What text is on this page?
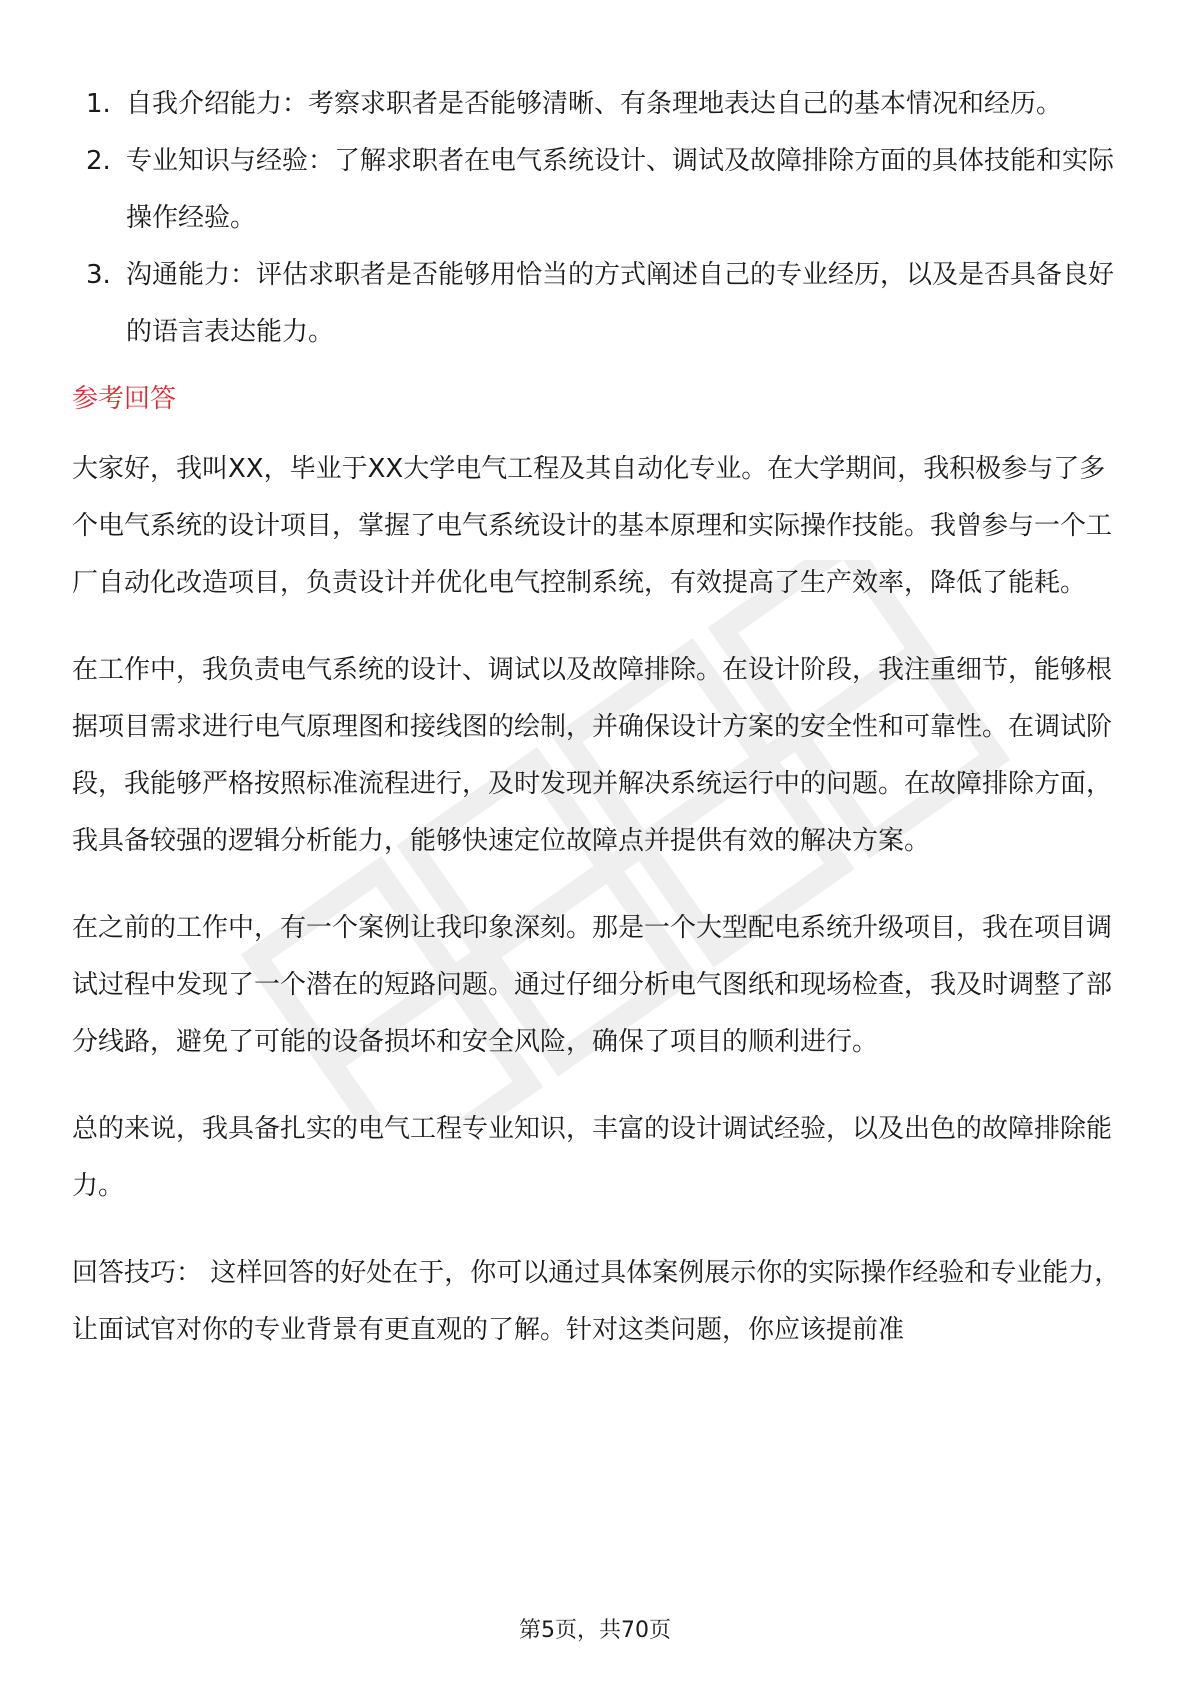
1. 自我介绍能力：考察求职者是否能够清晰、有条理地表达自己的基本情况和经历。
2. 专业知识与经验：了解求职者在电气系统设计、调试及故障排除方面的具体技能和实际操作经验。
3. 沟通能力：评估求职者是否能够用恰当的方式阐述自己的专业经历，以及是否具备良好的语言表达能力。
参考回答

大家好，我叫XX，毕业于XX大学电气工程及其自动化专业。在大学期间，我积极参与了多个电气系统的设计项目，掌握了电气系统设计的基本原理和实际操作技能。我曾参与一个工厂自动化改造项目，负责设计并优化电气控制系统，有效提高了生产效率，降低了能耗。

在工作中，我负责电气系统的设计、调试以及故障排除。在设计阶段，我注重细节，能够根据项目需求进行电气原理图和接线图的绘制，并确保设计方案的安全性和可靠性。在调试阶段，我能够严格按照标准流程进行，及时发现并解决系统运行中的问题。在故障排除方面，我具备较强的逻辑分析能力，能够快速定位故障点并提供有效的解决方案。

在之前的工作中，有一个案例让我印象深刻。那是一个大型配电系统升级项目，我在项目调试过程中发现了一个潜在的短路问题。通过仔细分析电气图纸和现场检查，我及时调整了部分线路，避免了可能的设备损坏和安全风险，确保了项目的顺利进行。

总的来说，我具备扎实的电气工程专业知识，丰富的设计调试经验，以及出色的故障排除能力。

回答技巧： 这样回答的好处在于，你可以通过具体案例展示你的实际操作经验和专业能力，让面试官对你的专业背景有更直观的了解。针对这类问题，你应该提前准

第5页，共70页
